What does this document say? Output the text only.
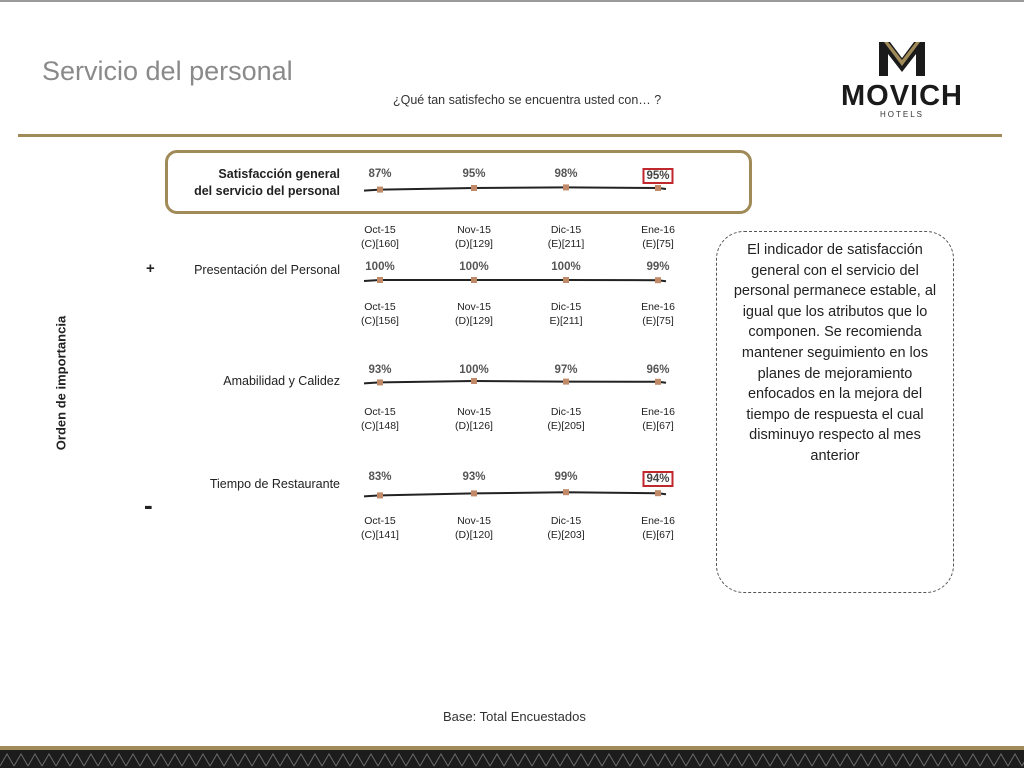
Servicio del personal
¿Qué tan satisfecho se encuentra usted con… ?	MOVICH
HOTELS
+
Orden de importancia
-
Satisfacción general
del servicio del personal
87%
Oct-15
(C)[160]
95%
Nov-15
(D)[129]
98%
Dic-15
(E)[211]
95%
Ene-16
(E)[75]
Presentación del Personal 100%
Oct-15
(C)[156]
100%
Nov-15
(D)[129]
100%
Dic-15
E)[211]
99%
Ene-16
(E)[75]
Amabilidad y Calidez
93%
Oct-15
(C)[148]
100%
Nov-15
(D)[126]
97%
Dic-15
(E)[205]
96%
Ene-16
(E)[67]
Tiempo de Restaurante 83%
Oct-15
(C)[141]
93%
Nov-15
(D)[120]
99%
Dic-15
(E)[203]
94%
Ene-16
(E)[67]
El indicador de satisfacción general con el servicio del personal permanece estable, al igual que los atributos que lo componen. Se recomienda mantener seguimiento en los planes de mejoramiento enfocados en la mejora del tiempo de respuesta el cual disminuyo respecto al mes anterior
Base: Total Encuestados
